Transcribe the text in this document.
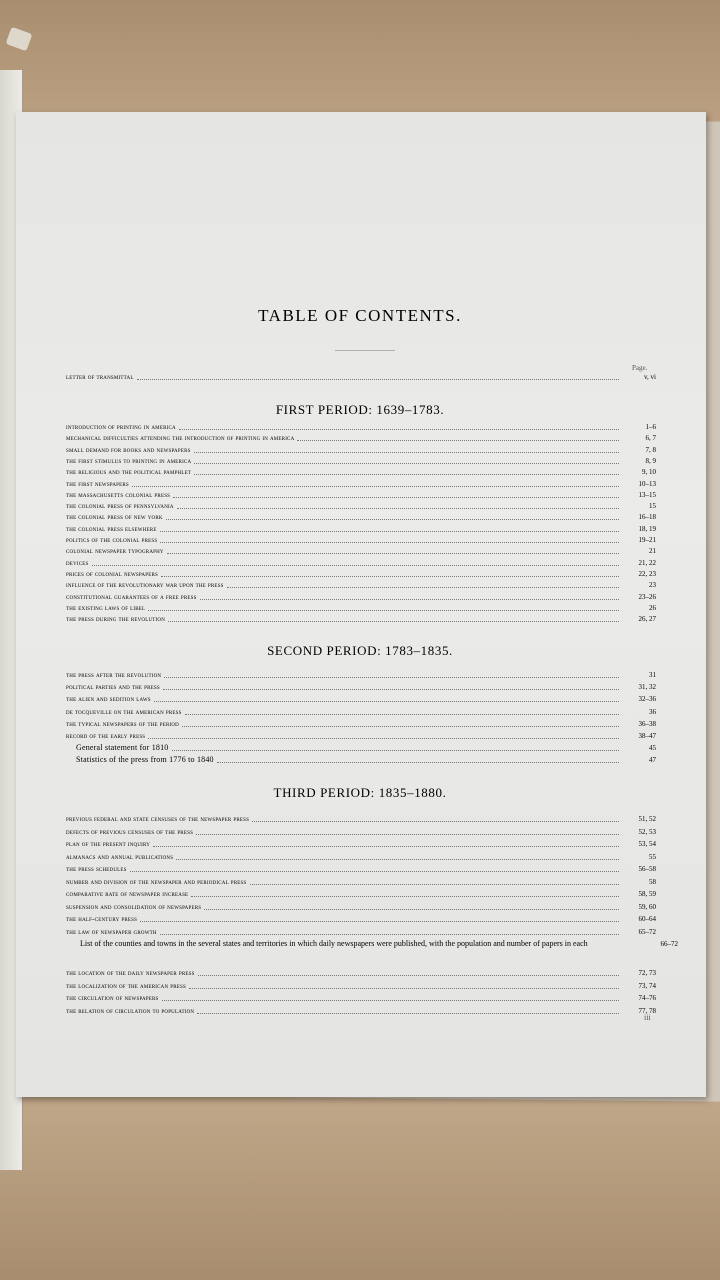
TABLE OF CONTENTS.
Page.
letter of transmittal	v, vi
FIRST PERIOD: 1639–1783.
introduction of printing in america	1–6
mechanical difficulties attending the introduction of printing in america	6, 7
small demand for books and newspapers	7, 8
the first stimulus to printing in america	8, 9
the religious and the political pamphlet	9, 10
the first newspapers	10–13
the massachusetts colonial press	13–15
the colonial press of pennsylvania	15
the colonial press of new york	16–18
the colonial press elsewhere	18, 19
politics of the colonial press	19–21
colonial newspaper typography	21
devices	21, 22
prices of colonial newspapers	22, 23
influence of the revolutionary war upon the press	23
constitutional guarantees of a free press	23–26
the existing laws of libel	26
the press during the revolution	26, 27
SECOND PERIOD: 1783–1835.
the press after the revolution	31
political parties and the press	31, 32
the alien and sedition laws	32–36
de tocqueville on the american press	36
the typical newspapers of the period	36–38
record of the early press	38–47
General statement for 1810	45
Statistics of the press from 1776 to 1840	47
THIRD PERIOD: 1835–1880.
previous federal and state censuses of the newspaper press	51, 52
defects of previous censuses of the press	52, 53
plan of the present inquiry	53, 54
almanacs and annual publications	55
the press schedules	56–58
number and division of the newspaper and periodical press	58
comparative rate of newspaper increase	58, 59
suspension and consolidation of newspapers	59, 60
the half-century press	60–64
the law of newspaper growth	65–72
List of the counties and towns in the several states and territories in which daily newspapers were published, with the population and number of papers in each	66–72
the location of the daily newspaper press	72, 73
the localization of the american press	73, 74
the circulation of newspapers	74–76
the relation of circulation to population	77, 78
iii
